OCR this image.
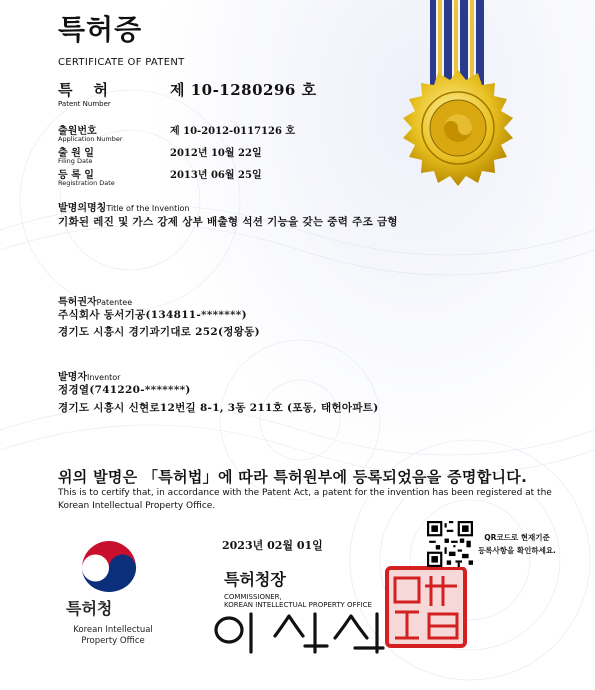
특허증
CERTIFICATE OF PATENT
특허	제 10-1280296 호
Patent Number
출원번호
Application Number
제 10-2012-0117126 호
출 원 일
Filing Date
2012년 10월 22일
등 록 일
Registration Date
2013년 06월 25일
발명의명칭Title of the Invention
기화된 레진 및 가스 강제 상부 배출형 석션 기능을 갖는 중력 주조 금형
특허권자Patentee
주식회사 동서기공(134811-*******)
경기도 시흥시 경기과기대로 252(정왕동)
발명자Inventor
정경열(741220-*******)
경기도 시흥시 신현로12번길 8-1, 3동 211호 (포동, 태헌아파트)
위의 발명은 「특허법」에 따라 특허원부에 등록되었음을 증명합니다.
This is to certify that, in accordance with the Patent Act, a patent for the invention has been registered at the Korean Intellectual Property Office.
특허청
Korean Intellectual Property Office
2023년 02월 01일
특허청장
COMMISSIONER,
KOREAN INTELLECTUAL PROPERTY OFFICE
QR코드로 현재기준
등록사항을 확인하세요.
